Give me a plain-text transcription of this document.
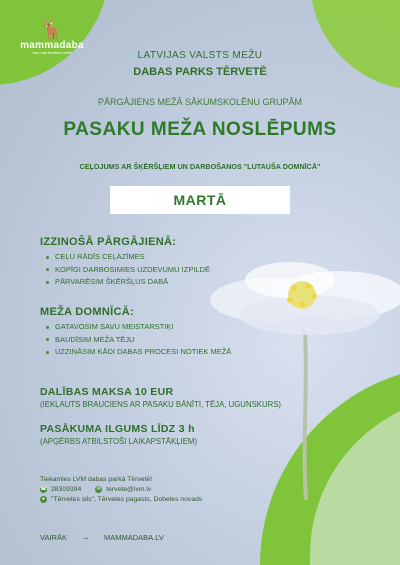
🦌
mammadaba
Tava zaļā brīvdienu izvēle	LATVIJAS VALSTS MEŽU
DABAS PARKS TĒRVETĒ
PĀRGĀJIENS MEŽĀ SĀKUMSKOLĒNU GRUPĀM
PASAKU MEŽA NOSLĒPUMS
CEĻOJUMS AR ŠĶĒRŠĻIEM UN DARBOŠANOS "LUTAUŠA DOMNĪCĀ"
MARTĀ
IZZINOŠĀ PĀRGĀJIENĀ:
CEĻU RĀDĪS CEĻAZĪMES
KOPĪGI DARBOSIMIES UZDEVUMU IZPILDĒ
PĀRVARĒSIM ŠĶĒRŠĻUS DABĀ
MEŽA DOMNĪCĀ:
GATAVOSIM SAVU MEISTARSTIĶI
BAUDĪSIM MEŽA TĒJU
UZZINĀSIM KĀDI DABAS PROCESI NOTIEK MEŽĀ
DALĪBAS MAKSA 10 EUR
(IEKĻAUTS BRAUCIENS AR PASAKU BĀNĪTI, TĒJA, UGUNSKURS)
PASĀKUMA ILGUMS LĪDZ 3 h
(APĢĒRBS ATBILSTOŠI LAIKAPSTĀKĻIEM)
Tiekamies LVM dabas parkā Tērvetē!
☎ 28309394	✉ tervete@lvm.lv
● "Tērvetes sils", Tērvetes pagasts, Dobeles novads
VAIRĀK → MAMMADABA.LV
